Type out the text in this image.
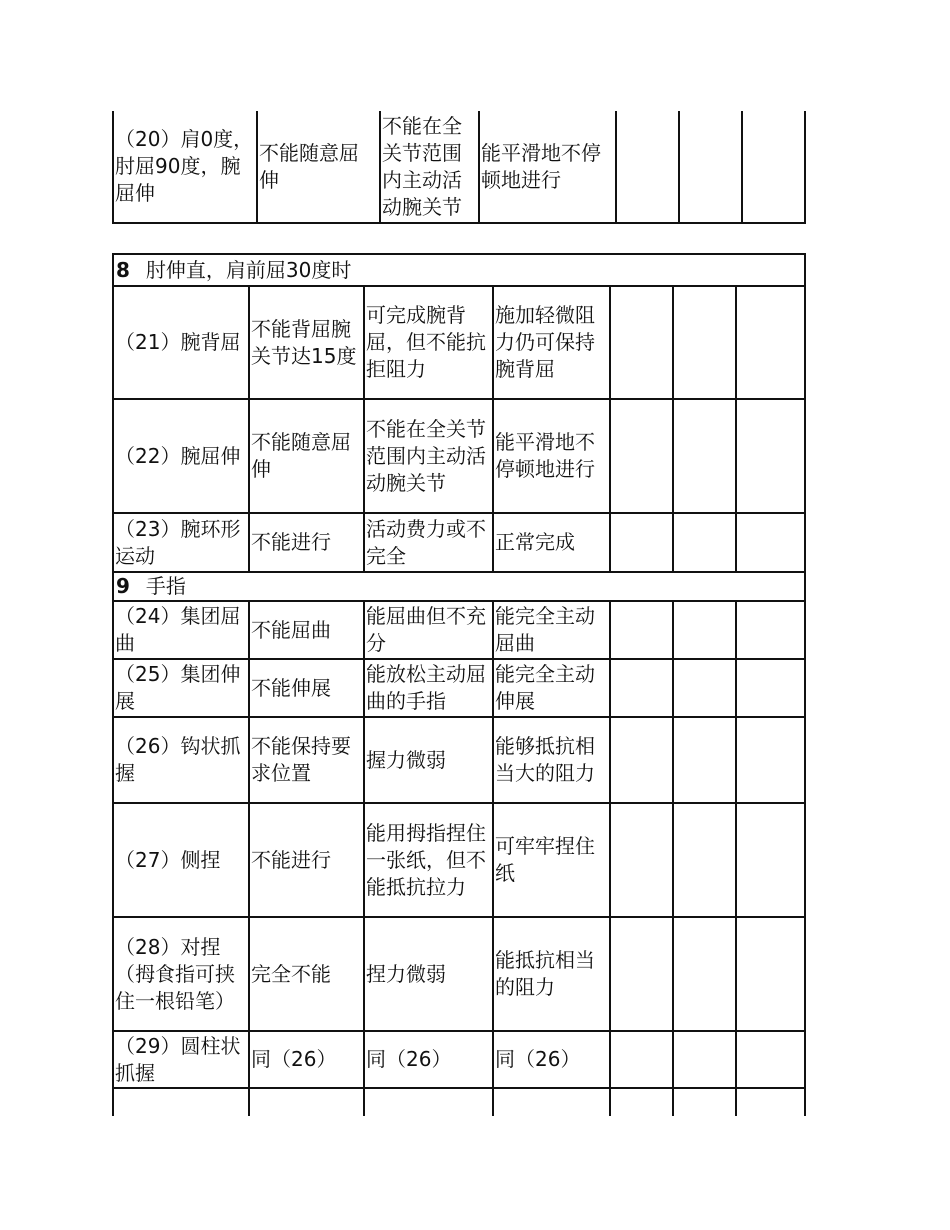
（20）肩0度，肘屈90度，腕屈伸	不能随意屈伸	不能在全关节范围内主动活动腕关节	能平滑地不停顿地进行			
8 肘伸直，肩前屈30度时						
（21）腕背屈	不能背屈腕关节达15度	可完成腕背屈，但不能抗拒阻力	施加轻微阻力仍可保持腕背屈			
（22）腕屈伸	不能随意屈伸	不能在全关节范围内主动活动腕关节	能平滑地不停顿地进行			
（23）腕环形运动	不能进行	活动费力或不完全	正常完成			
9 手指						
（24）集团屈曲	不能屈曲	能屈曲但不充分	能完全主动屈曲			
（25）集团伸展	不能伸展	能放松主动屈曲的手指	能完全主动伸展			
（26）钩状抓握	不能保持要求位置	握力微弱	能够抵抗相当大的阻力			
（27）侧捏	不能进行	能用拇指捏住一张纸，但不能抵抗拉力	可牢牢捏住纸			
（28）对捏（拇食指可挟住一根铅笔）	完全不能	捏力微弱	能抵抗相当的阻力			
（29）圆柱状抓握	同（26）	同（26）	同（26）			
